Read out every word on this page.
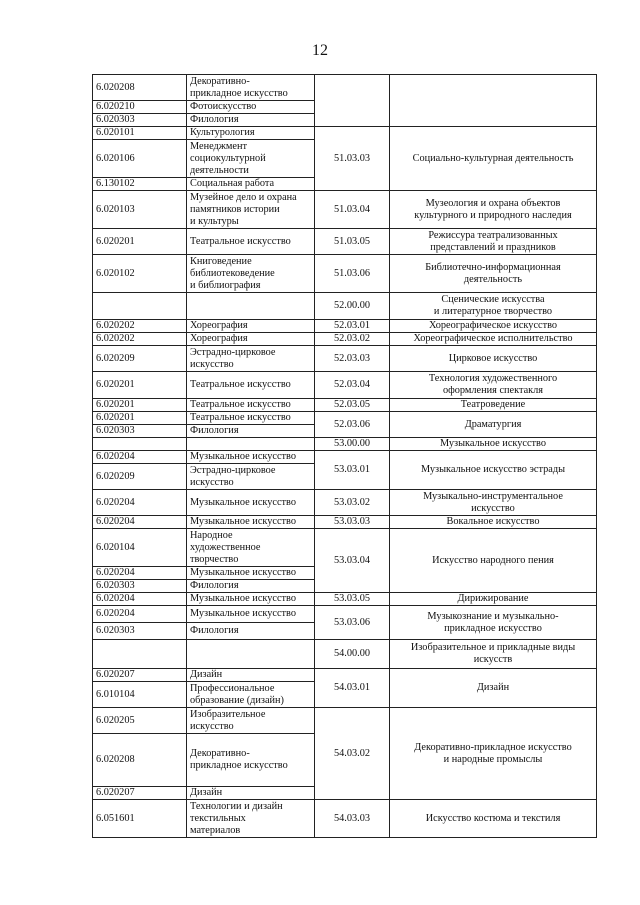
12
6.020208	Декоративно-
прикладное искусство		
6.020210	Фотоискусство		
6.020303	Филология		
6.020101	Культурология	51.03.03	Социально-культурная деятельность
6.020106	Менеджмент
социокультурной
деятельности		
6.130102	Социальная работа		
6.020103	Музейное дело и охрана
памятников истории
и культуры	51.03.04	Музеология и охрана объектов
культурного и природного наследия
6.020201	Театральное искусство	51.03.05	Режиссура театрализованных
представлений и праздников
6.020102	Книговедение
библиотековедение
и библиография	51.03.06	Библиотечно-информационная
деятельность
		52.00.00	Сценические искусства
и литературное творчество
6.020202	Хореография	52.03.01	Хореографическое искусство
6.020202	Хореография	52.03.02	Хореографическое исполнительство
6.020209	Эстрадно-цирковое
искусство	52.03.03	Цирковое искусство
6.020201	Театральное искусство	52.03.04	Технология художественного
оформления спектакля
6.020201	Театральное искусство	52.03.05	Театроведение
6.020201	Театральное искусство	52.03.06	Драматургия
6.020303	Филология		
		53.00.00	Музыкальное искусство
6.020204	Музыкальное искусство	53.03.01	Музыкальное искусство эстрады
6.020209	Эстрадно-цирковое
искусство		
6.020204	Музыкальное искусство	53.03.02	Музыкально-инструментальное
искусство
6.020204	Музыкальное искусство	53.03.03	Вокальное искусство
6.020104	Народное
художественное
творчество	53.03.04	Искусство народного пения
6.020204	Музыкальное искусство		
6.020303	Филология		
6.020204	Музыкальное искусство	53.03.05	Дирижирование
6.020204	Музыкальное искусство	53.03.06	Музыкознание и музыкально-
прикладное искусство
6.020303	Филология		
		54.00.00	Изобразительное и прикладные виды
искусств
6.020207	Дизайн	54.03.01	Дизайн
6.010104	Профессиональное
образование (дизайн)		
6.020205	Изобразительное
искусство	54.03.02	Декоративно-прикладное искусство
и народные промыслы
6.020208	Декоративно-
прикладное искусство		
6.020207	Дизайн		
6.051601	Технологии и дизайн
текстильных
материалов	54.03.03	Искусство костюма и текстиля
